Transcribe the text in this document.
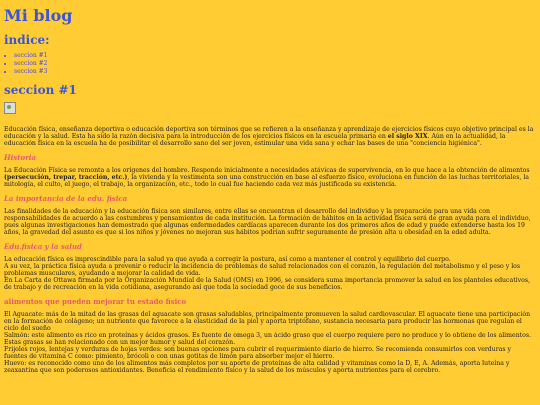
Mi blog
indice:
• seccion #1
• seccion #2
• seccion #3
seccion #1

Educación física, enseñanza deportiva o educación deportiva son términos que se refieren a la enseñanza y aprendizaje de ejercicios físicos cuyo objetivo principal es la educación y la salud. Esta ha sido la razón decisiva para la introducción de los ejercicios físicos en la escuela primaria en el siglo XIX. Aún en la actualidad, la educación física en la escuela ha de posibilitar el desarrollo sano del ser joven, estimular una vida sana y echar las bases de una "conciencia higiénica".

Historia

La Educación Física se remonta a los orígenes del hombre. Responde inicialmente a necesidades atávicas de supervivencia, en lo que hace a la obtención de alimentos (persecución, trepar, tracción, etc.), la vivienda y la vestimenta son una construcción en base al esfuerzo físico, evoluciona en función de las luchas territoriales, la mitología, el culto, el juego, el trabajo, la organización, etc., todo lo cual fue haciendo cada vez más justificada su existencia.

La importancia de la edu. fisica

Las finalidades de la educación y la educación física son similares, entre ellas se encuentran el desarrollo del individuo y la preparación para una vida con responsabilidades de acuerdo a las costumbres y pensamientos de cada institución. La formación de hábitos en la actividad física será de gran ayuda para el individuo, pues algunas investigaciones han demostrado que algunas enfermedades cardíacas aparecen durante los dos primeros años de edad y puede extenderse hasta los 19 años, la gravedad del asunto es que si los niños y jóvenes no mejoran sus hábitos podrían sufrir seguramente de presión alta u obesidad en la edad adulta.

Edu.fisica y la salud

La educación física es imprescindible para la salud ya que ayuda a corregir la postura, así como a mantener el control y equilibrio del cuerpo.
A su vez, la práctica física ayuda a prevenir o reducir la incidencia de problemas de salud relacionados con el corazón, la regulación del metabolismo y el peso y los problemas musculares, ayudando a mejorar la calidad de vida.
En La Carta de Ottawa firmada por la Organización Mundial de la Salud (OMS) en 1996, se considera suma importancia promover la salud en los planteles educativos, de trabajo y de recreación en la vida cotidiana, asegurando así que toda la sociedad goce de sus beneficios.

alimentos que pueden mejorar tu estado fisico

El Aguacate: más de la mitad de las grasas del aguacate son grasas saludables, principalmente promueven la salud cardiovascular. El aguacate tiene una participación en la formación de colágeno; un nutriente que favorece a la elasticidad de la piel y aporta triptófano, sustancia necesaria para producir las hormonas que regulan el ciclo del sueño
Salmón: este alimento es rico en proteínas y ácidos grasos. Es fuente de omega 3, un ácido graso que el cuerpo requiere pero no produce y lo obtiene de los alimentos. Estas grasas se han relacionado con un mejor humor y salud del corazón.
Frijoles rojos, lentejas y verduras de hojas verdes: son buenas opciones para cubrir el requerimiento diario de hierro. Se recomienda consumirlos con verduras y fuentes de vitamina C como: pimiento, brócoli o con unas gotitas de limón para absorber mejor el hierro.
Huevo: es reconocido como uno de los alimentos más completos por su aporte de proteínas de alta calidad y vitaminas como la D, E, A. Además, aporta luteína y zeaxantina que son poderosos antioxidantes. Beneficia el rendimiento físico y la salud de los músculos y aporta nutrientes para el cerebro.
